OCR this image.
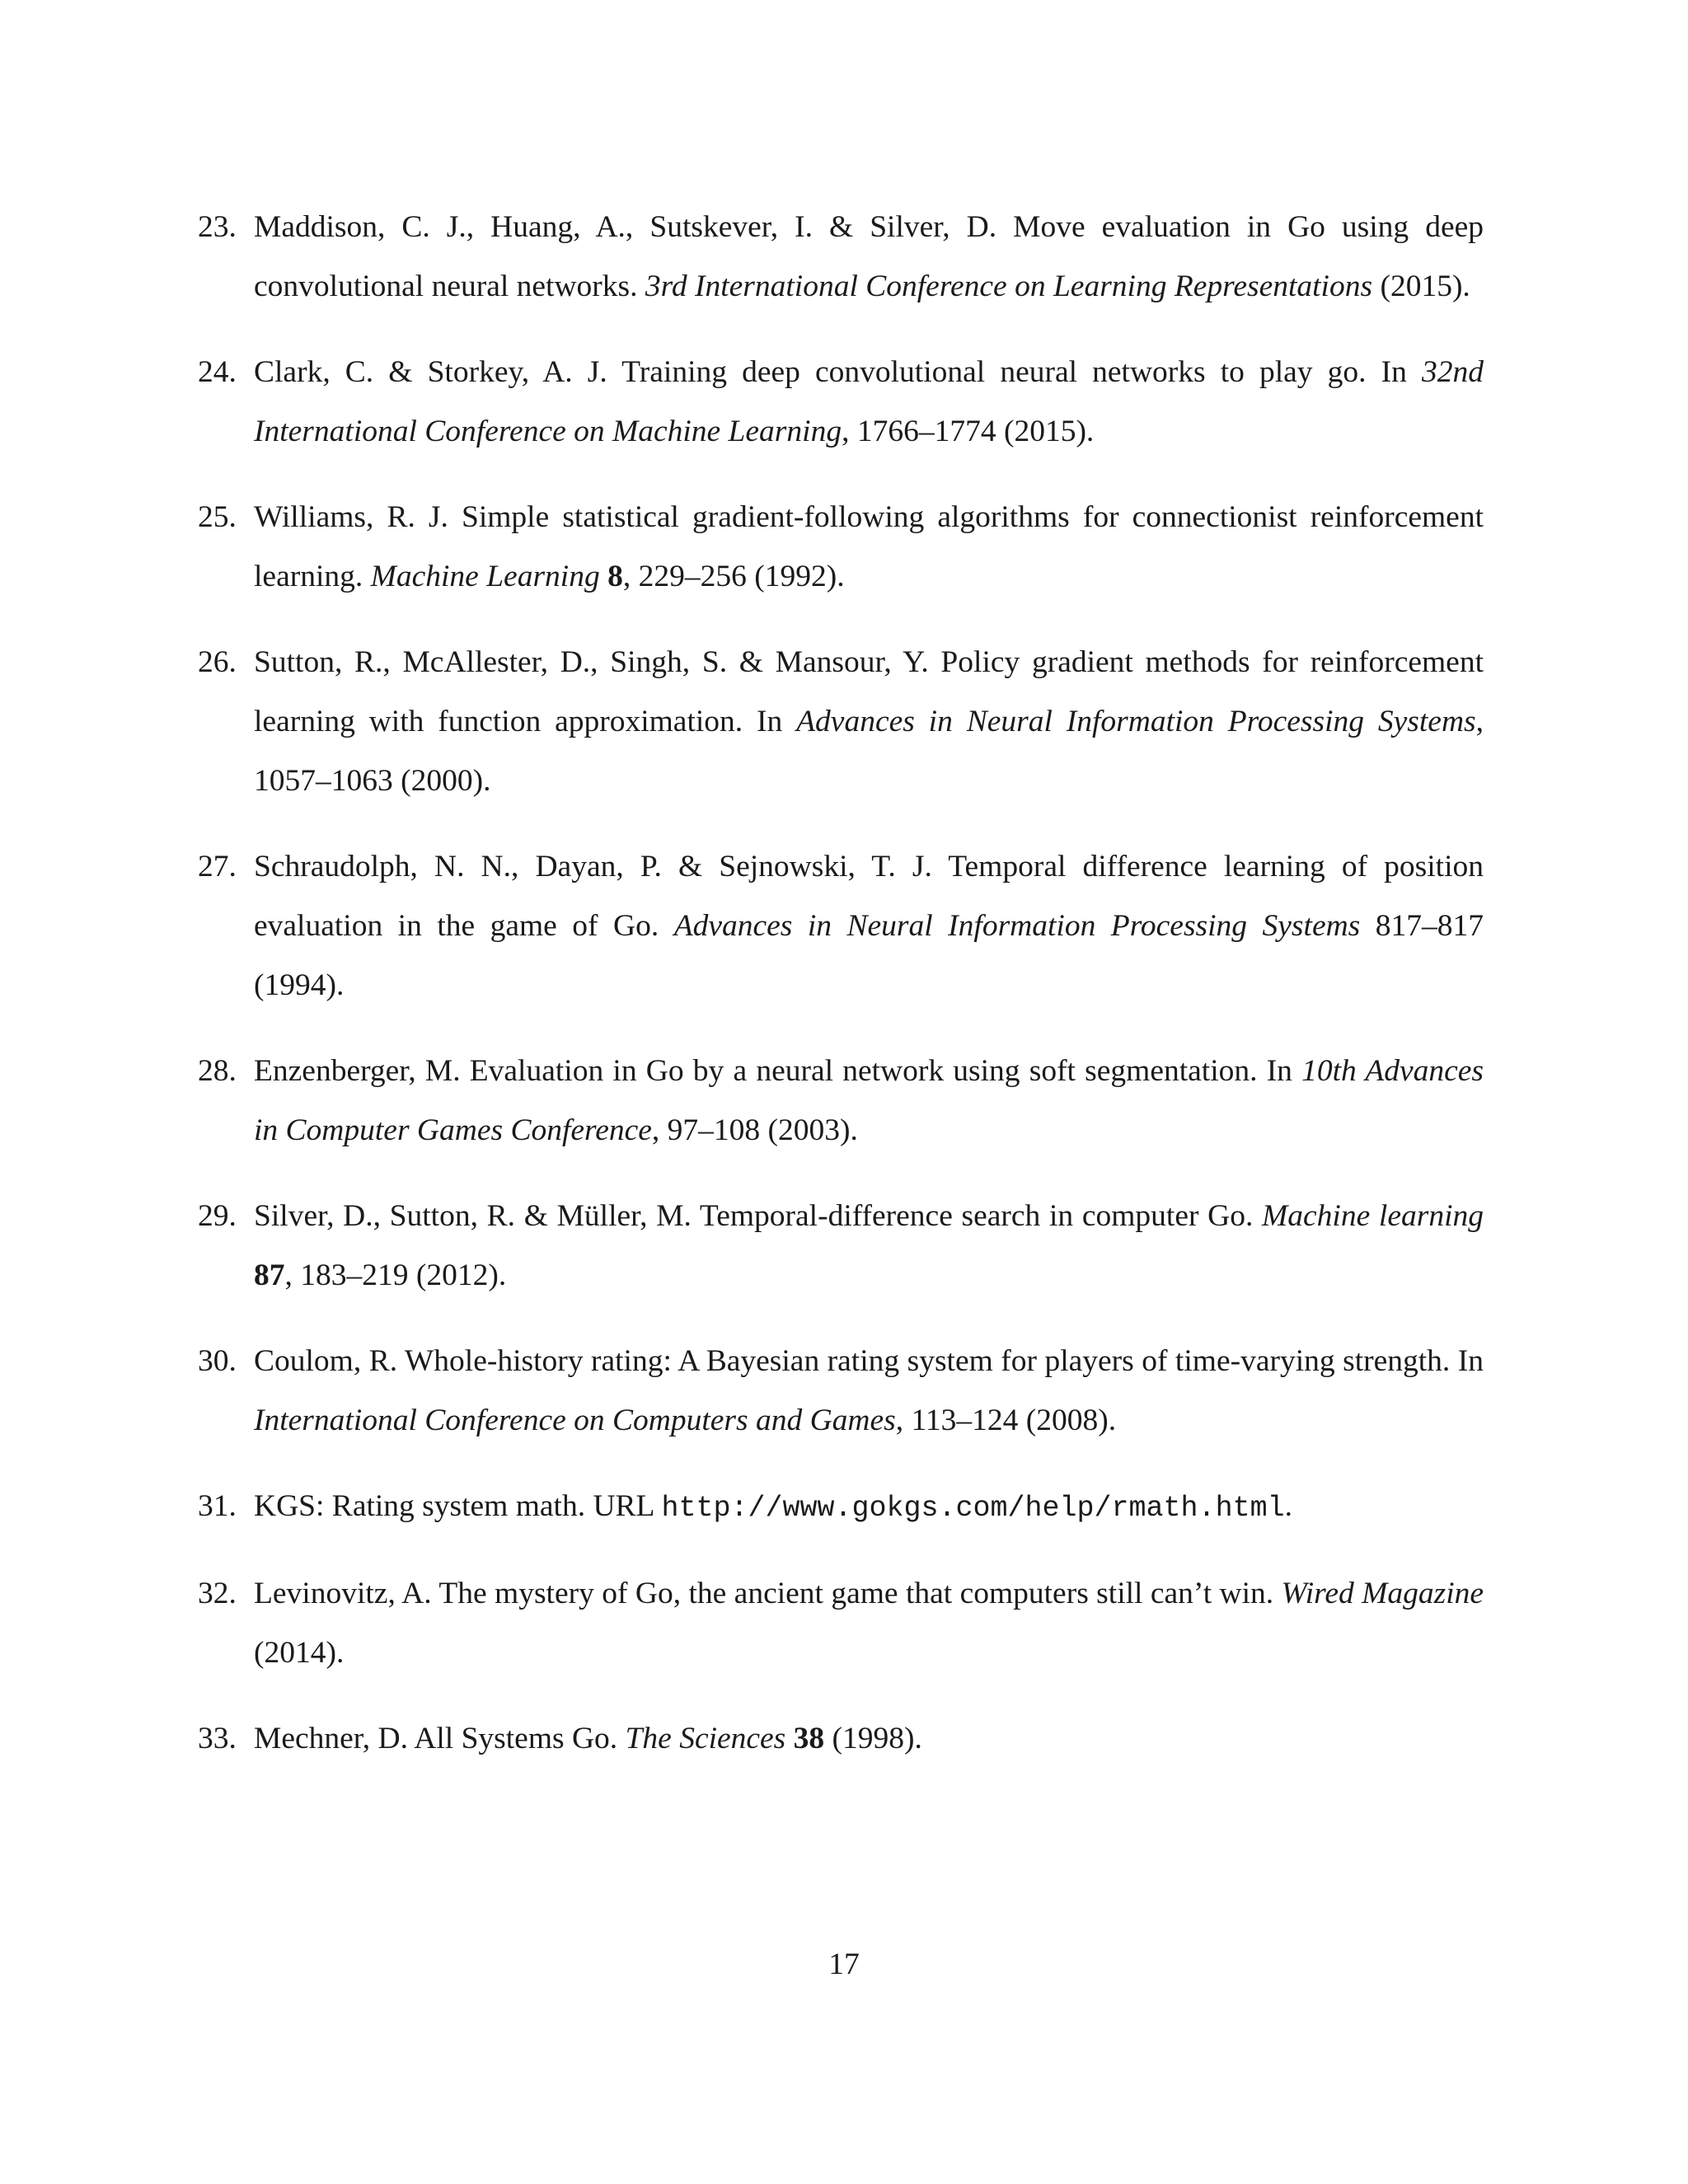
23. Maddison, C. J., Huang, A., Sutskever, I. & Silver, D. Move evaluation in Go using deep convolutional neural networks. 3rd International Conference on Learning Representations (2015).
24. Clark, C. & Storkey, A. J. Training deep convolutional neural networks to play go. In 32nd International Conference on Machine Learning, 1766–1774 (2015).
25. Williams, R. J. Simple statistical gradient-following algorithms for connectionist reinforcement learning. Machine Learning 8, 229–256 (1992).
26. Sutton, R., McAllester, D., Singh, S. & Mansour, Y. Policy gradient methods for reinforcement learning with function approximation. In Advances in Neural Information Processing Systems, 1057–1063 (2000).
27. Schraudolph, N. N., Dayan, P. & Sejnowski, T. J. Temporal difference learning of position evaluation in the game of Go. Advances in Neural Information Processing Systems 817–817 (1994).
28. Enzenberger, M. Evaluation in Go by a neural network using soft segmentation. In 10th Advances in Computer Games Conference, 97–108 (2003).
29. Silver, D., Sutton, R. & Müller, M. Temporal-difference search in computer Go. Machine learning 87, 183–219 (2012).
30. Coulom, R. Whole-history rating: A Bayesian rating system for players of time-varying strength. In International Conference on Computers and Games, 113–124 (2008).
31. KGS: Rating system math. URL http://www.gokgs.com/help/rmath.html.
32. Levinovitz, A. The mystery of Go, the ancient game that computers still can’t win. Wired Magazine (2014).
33. Mechner, D. All Systems Go. The Sciences 38 (1998).
17
